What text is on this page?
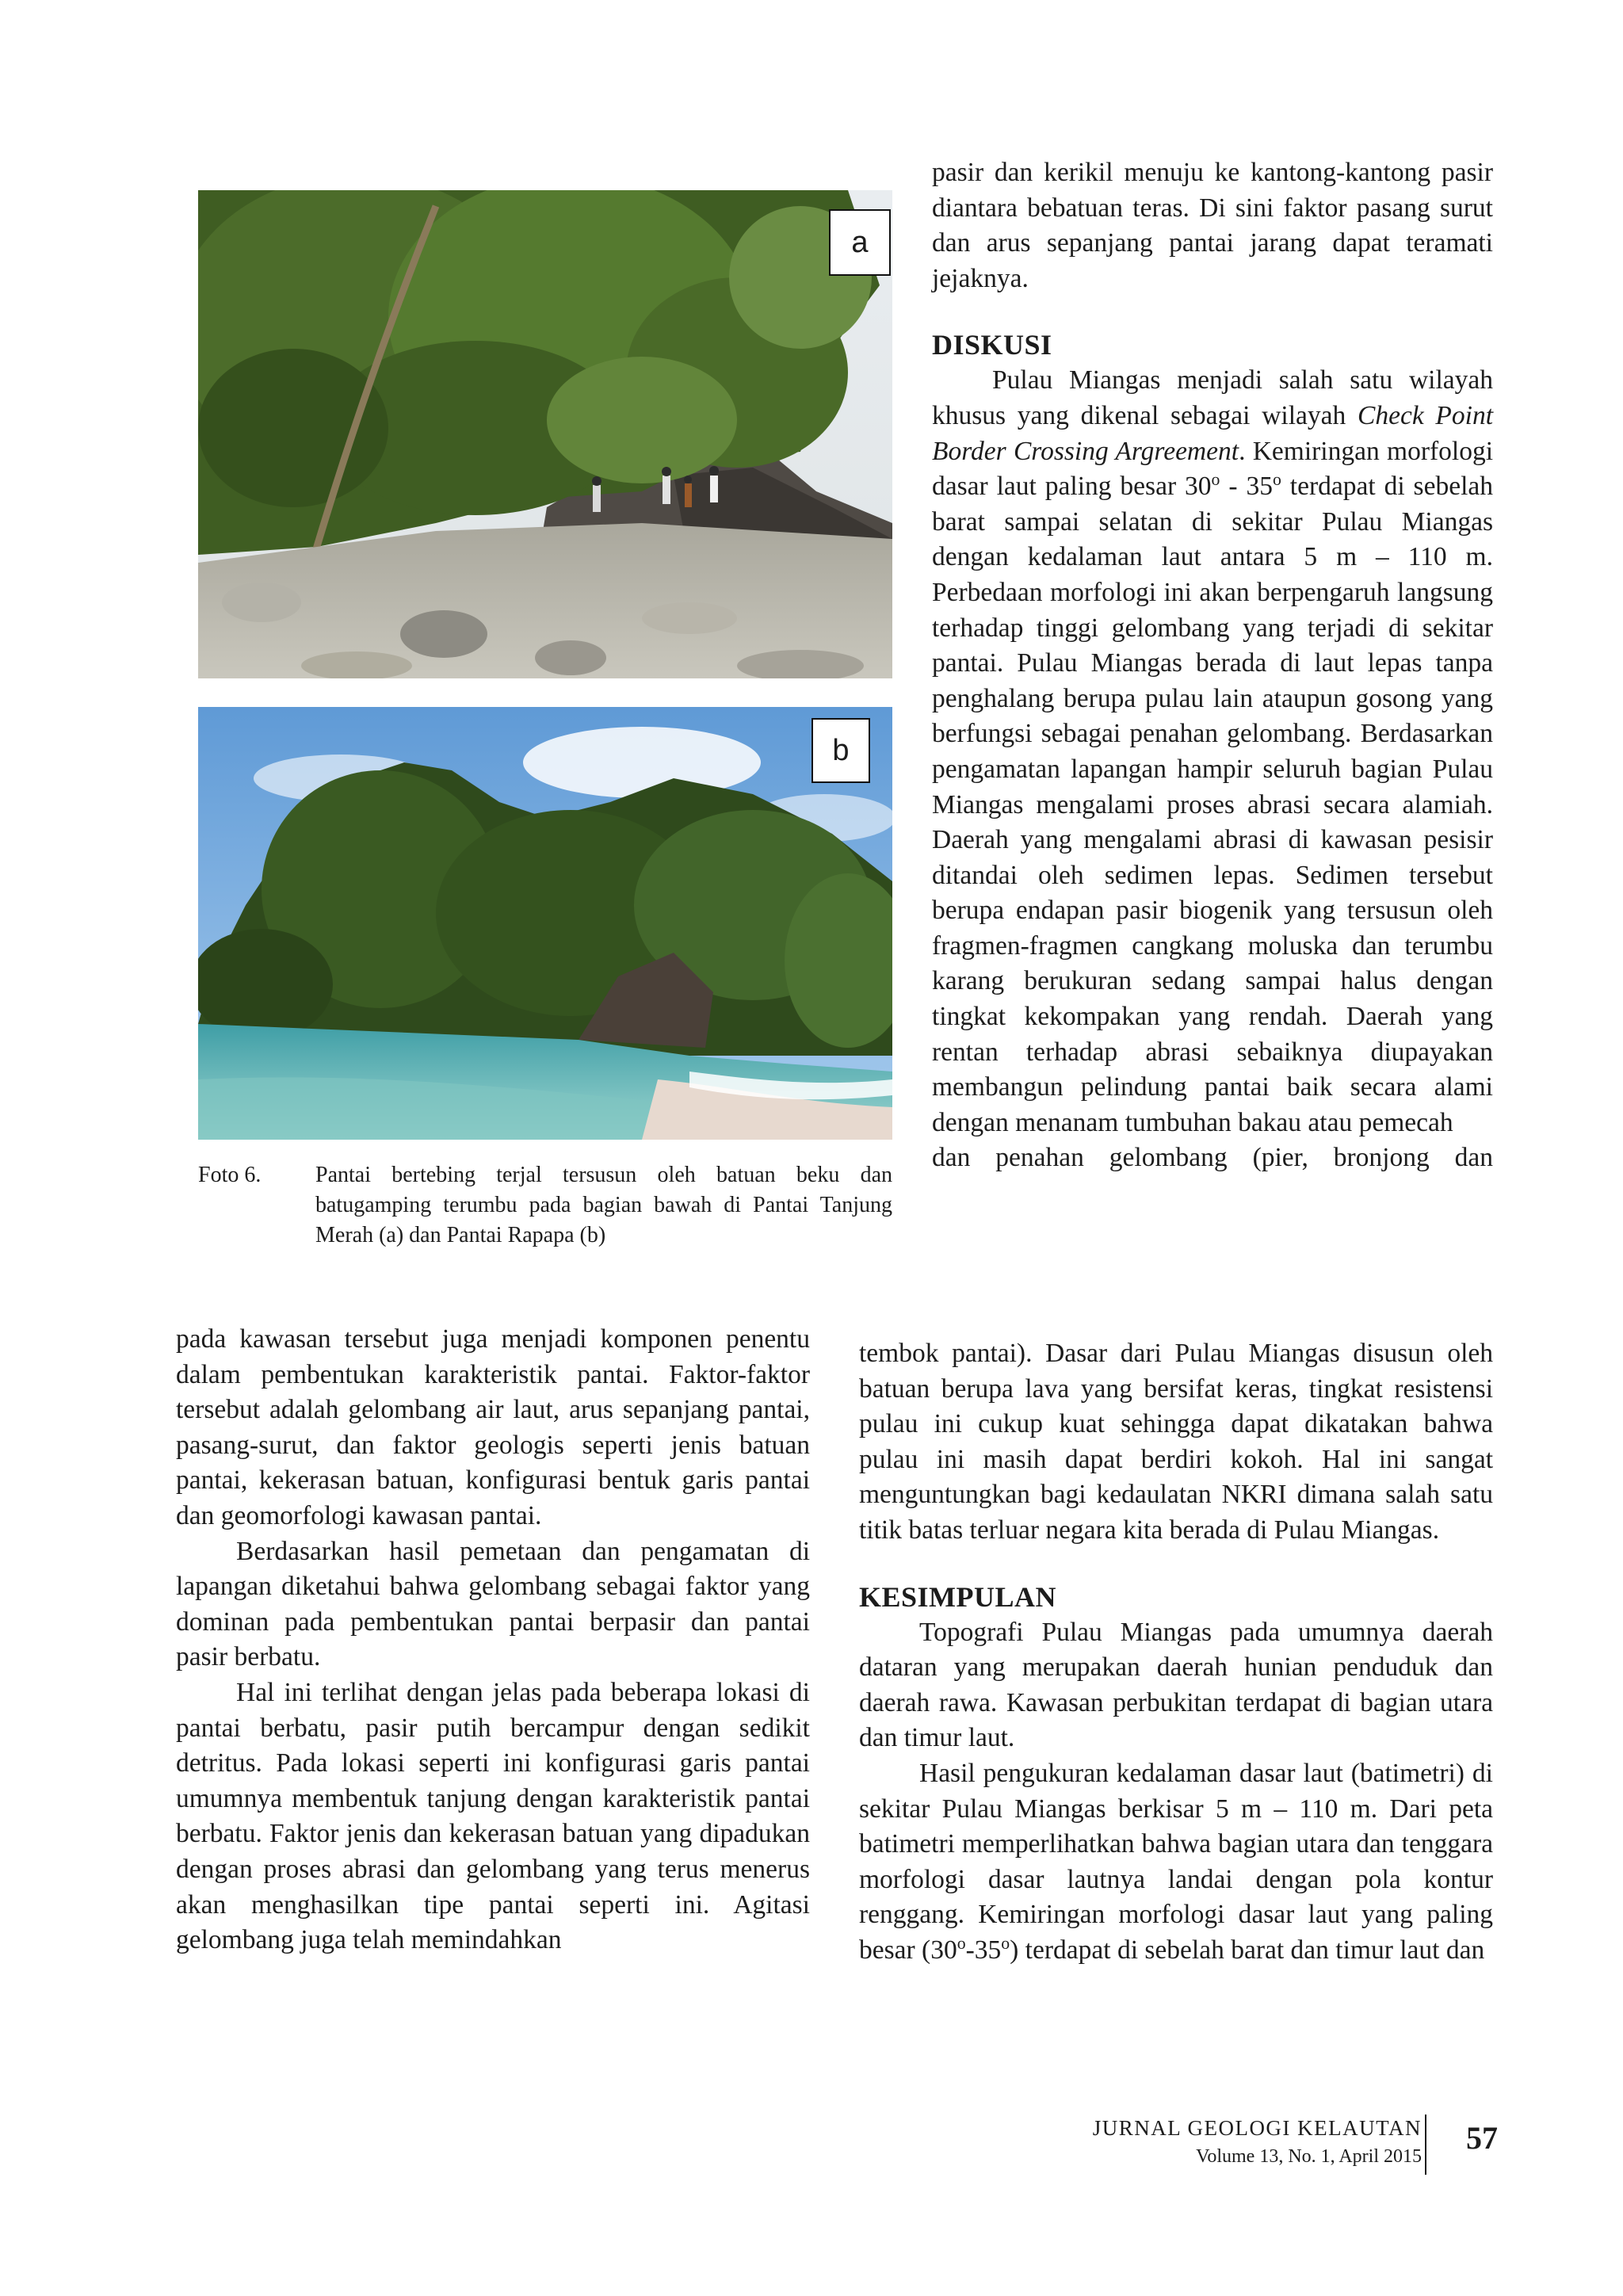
a
b
Foto 6.	Pantai bertebing terjal tersusun oleh batuan beku dan batugamping terumbu pada bagian bawah di Pantai Tanjung Merah (a) dan Pantai Rapapa (b)

pasir dan kerikil menuju ke kantong-kantong pasir diantara bebatuan teras. Di sini faktor pasang surut dan arus sepanjang pantai jarang dapat teramati jejaknya.

DISKUSI

Pulau Miangas menjadi salah satu wilayah khusus yang dikenal sebagai wilayah Check Point Border Crossing Argreement. Kemiringan morfologi dasar laut paling besar 30$^o$ - 35$^o$ terdapat di sebelah barat sampai selatan di sekitar Pulau Miangas dengan kedalaman laut antara 5 m – 110 m. Perbedaan morfologi ini akan berpengaruh langsung terhadap tinggi gelombang yang terjadi di sekitar pantai. Pulau Miangas berada di laut lepas tanpa penghalang berupa pulau lain ataupun gosong yang berfungsi sebagai penahan gelombang. Berdasarkan pengamatan lapangan hampir seluruh bagian Pulau Miangas mengalami proses abrasi secara alamiah. Daerah yang mengalami abrasi di kawasan pesisir ditandai oleh sedimen lepas. Sedimen tersebut berupa endapan pasir biogenik yang tersusun oleh fragmen-fragmen cangkang moluska dan terumbu karang berukuran sedang sampai halus dengan tingkat kekompakan yang rendah. Daerah yang rentan terhadap abrasi sebaiknya diupayakan membangun pelindung pantai baik secara alami dengan menanam tumbuhan bakau atau pemecah

dan penahan gelombang (pier, bronjong dan

pada kawasan tersebut juga menjadi komponen penentu dalam pembentukan karakteristik pantai. Faktor-faktor tersebut adalah gelombang air laut, arus sepanjang pantai, pasang-surut, dan faktor geologis seperti jenis batuan pantai, kekerasan batuan, konfigurasi bentuk garis pantai dan geomorfologi kawasan pantai.

Berdasarkan hasil pemetaan dan pengamatan di lapangan diketahui bahwa gelombang sebagai faktor yang dominan pada pembentukan pantai berpasir dan pantai pasir berbatu.

Hal ini terlihat dengan jelas pada beberapa lokasi di pantai berbatu, pasir putih bercampur dengan sedikit detritus. Pada lokasi seperti ini konfigurasi garis pantai umumnya membentuk tanjung dengan karakteristik pantai berbatu. Faktor jenis dan kekerasan batuan yang dipadukan dengan proses abrasi dan gelombang yang terus menerus akan menghasilkan tipe pantai seperti ini. Agitasi gelombang juga telah memindahkan

tembok pantai). Dasar dari Pulau Miangas disusun oleh batuan berupa lava yang bersifat keras, tingkat resistensi pulau ini cukup kuat sehingga dapat dikatakan bahwa pulau ini masih dapat berdiri kokoh. Hal ini sangat menguntungkan bagi kedaulatan NKRI dimana salah satu titik batas terluar negara kita berada di Pulau Miangas.

KESIMPULAN

Topografi Pulau Miangas pada umumnya daerah dataran yang merupakan daerah hunian penduduk dan daerah rawa. Kawasan perbukitan terdapat di bagian utara dan timur laut.

Hasil pengukuran kedalaman dasar laut (batimetri) di sekitar Pulau Miangas berkisar 5 m – 110 m. Dari peta batimetri memperlihatkan bahwa bagian utara dan tenggara morfologi dasar lautnya landai dengan pola kontur renggang. Kemiringan morfologi dasar laut yang paling besar (30$^o$-35$^o$) terdapat di sebelah barat dan timur laut dan

JURNAL GEOLOGI KELAUTAN
Volume 13, No. 1, April 2015
57
